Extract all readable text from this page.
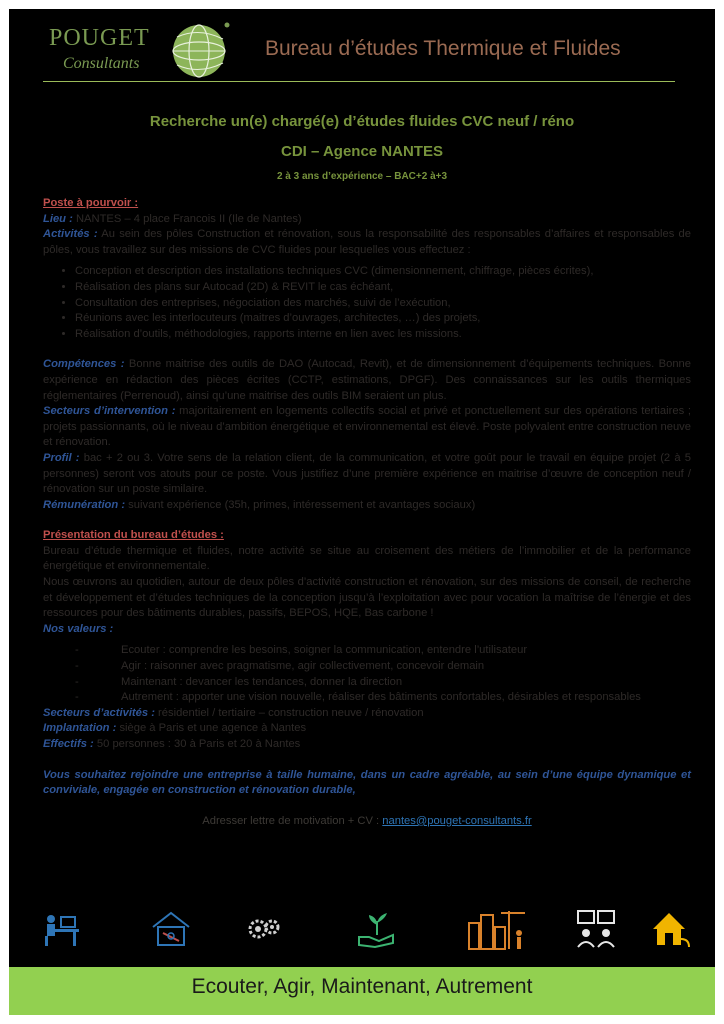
POUGET
Consultants
Bureau d’études Thermique et Fluides
Recherche un(e) chargé(e) d’études fluides CVC neuf / réno
CDI – Agence NANTES
2 à 3 ans d’expérience – BAC+2 à+3

Poste à pourvoir :

Lieu : NANTES – 4 place Francois II (Ile de Nantes)

Activités : Au sein des pôles Construction et rénovation, sous la responsabilité des responsables d’affaires et responsables de pôles, vous travaillez sur des missions de CVC fluides pour lesquelles vous effectuez :

• Conception et description des installations techniques CVC (dimensionnement, chiffrage, pièces écrites),
• Réalisation des plans sur Autocad (2D) & REVIT le cas échéant,
• Consultation des entreprises, négociation des marchés, suivi de l’exécution,
• Réunions avec les interlocuteurs (maitres d’ouvrages, architectes, …) des projets,
• Réalisation d’outils, méthodologies, rapports interne en lien avec les missions.

Compétences : Bonne maitrise des outils de DAO (Autocad, Revit), et de dimensionnement d’équipements techniques. Bonne expérience en rédaction des pièces écrites (CCTP, estimations, DPGF). Des connaissances sur les outils thermiques réglementaires (Perrenoud), ainsi qu’une maitrise des outils BIM seraient un plus.

Secteurs d’intervention : majoritairement en logements collectifs social et privé et ponctuellement sur des opérations tertiaires ; projets passionnants, où le niveau d’ambition énergétique et environnemental est élevé. Poste polyvalent entre construction neuve et rénovation.

Profil : bac + 2 ou 3. Votre sens de la relation client, de la communication, et votre goût pour le travail en équipe projet (2 à 5 personnes) seront vos atouts pour ce poste. Vous justifiez d’une première expérience en maitrise d’œuvre de conception neuf / rénovation sur un poste similaire.

Rémunération : suivant expérience (35h, primes, intéressement et avantages sociaux)

Présentation du bureau d’études :

Bureau d’étude thermique et fluides, notre activité se situe au croisement des métiers de l’immobilier et de la performance énergétique et environnementale.

Nous œuvrons au quotidien, autour de deux pôles d’activité construction et rénovation, sur des missions de conseil, de recherche et développement et d’études techniques de la conception jusqu’à l’exploitation avec pour vocation la maîtrise de l’énergie et des ressources pour des bâtiments durables, passifs, BEPOS, HQE, Bas carbone !

Nos valeurs :

-	Ecouter : comprendre les besoins, soigner la communication, entendre l’utilisateur
-	Agir : raisonner avec pragmatisme, agir collectivement, concevoir demain
-	Maintenant : devancer les tendances, donner la direction
-	Autrement : apporter une vision nouvelle, réaliser des bâtiments confortables, désirables et responsables

Secteurs d’activités : résidentiel / tertiaire – construction neuve / rénovation

Implantation : siège à Paris et une agence à Nantes

Effectifs : 50 personnes : 30 à Paris et 20 à Nantes

Vous souhaitez rejoindre une entreprise à taille humaine, dans un cadre agréable, au sein d’une équipe dynamique et conviviale, engagée en construction et rénovation durable,

Adresser lettre de motivation + CV : nantes@pouget-consultants.fr

Ecouter, Agir, Maintenant, Autrement
